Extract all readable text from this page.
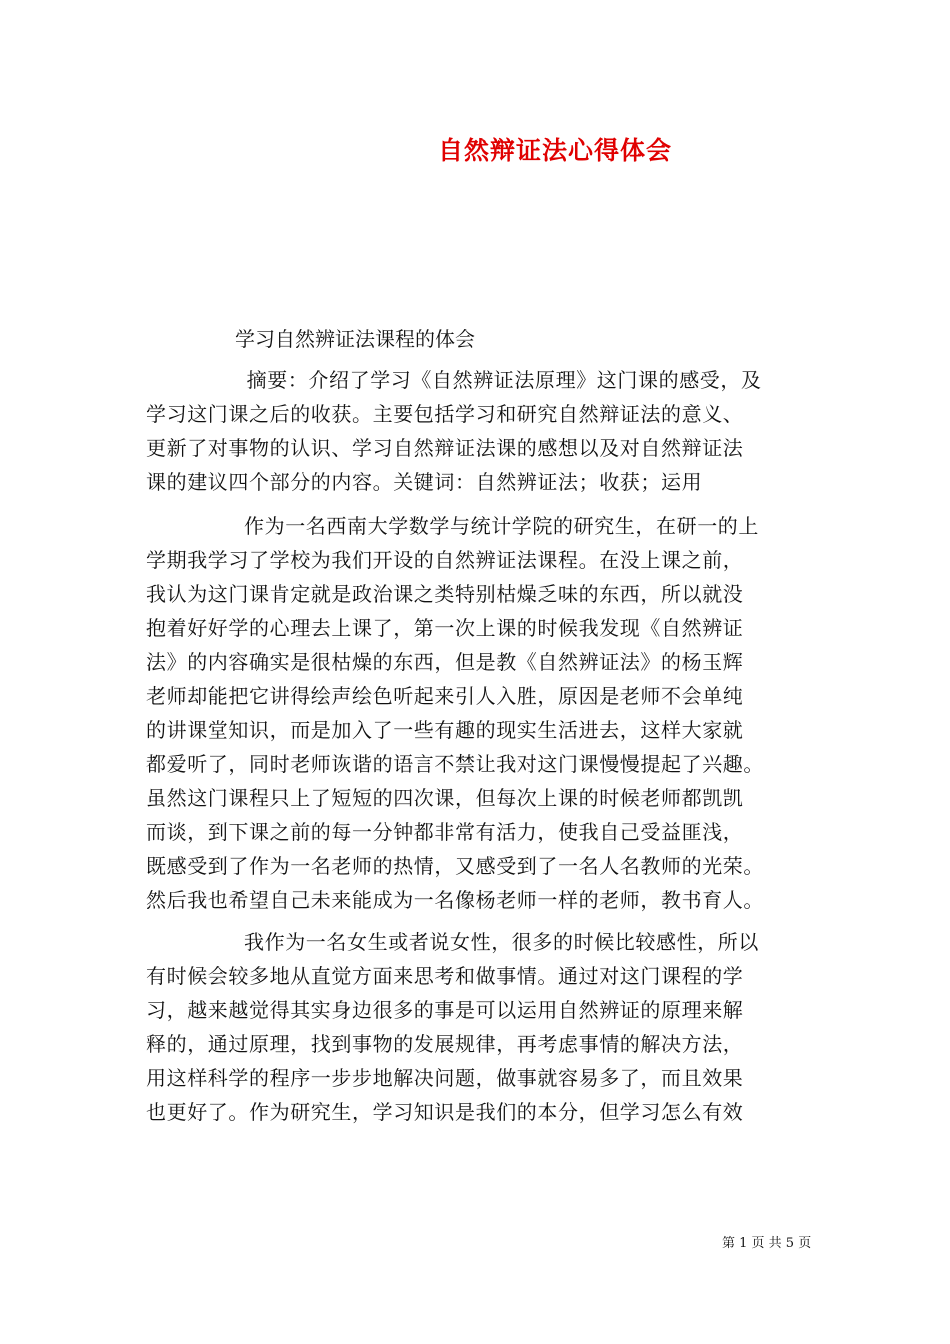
自然辩证法心得体会
学习自然辨证法课程的体会
　摘要：介绍了学习《自然辨证法原理》这门课的感受，及
学习这门课之后的收获。主要包括学习和研究自然辩证法的意义、
更新了对事物的认识、学习自然辩证法课的感想以及对自然辩证法
课的建议四个部分的内容。关键词：自然辨证法；收获；运用
作为一名西南大学数学与统计学院的研究生，在研一的上
学期我学习了学校为我们开设的自然辨证法课程。在没上课之前，
我认为这门课肯定就是政治课之类特别枯燥乏味的东西，所以就没
抱着好好学的心理去上课了，第一次上课的时候我发现《自然辨证
法》的内容确实是很枯燥的东西，但是教《自然辨证法》的杨玉辉
老师却能把它讲得绘声绘色听起来引人入胜，原因是老师不会单纯
的讲课堂知识，而是加入了一些有趣的现实生活进去，这样大家就
都爱听了，同时老师诙谐的语言不禁让我对这门课慢慢提起了兴趣。
虽然这门课程只上了短短的四次课，但每次上课的时候老师都凯凯
而谈，到下课之前的每一分钟都非常有活力，使我自己受益匪浅，
既感受到了作为一名老师的热情，又感受到了一名人名教师的光荣。
然后我也希望自己未来能成为一名像杨老师一样的老师，教书育人。
我作为一名女生或者说女性，很多的时候比较感性，所以
有时候会较多地从直觉方面来思考和做事情。通过对这门课程的学
习，越来越觉得其实身边很多的事是可以运用自然辨证的原理来解
释的，通过原理，找到事物的发展规律，再考虑事情的解决方法，
用这样科学的程序一步步地解决问题，做事就容易多了，而且效果
也更好了。作为研究生，学习知识是我们的本分，但学习怎么有效
第 1 页 共 5 页
